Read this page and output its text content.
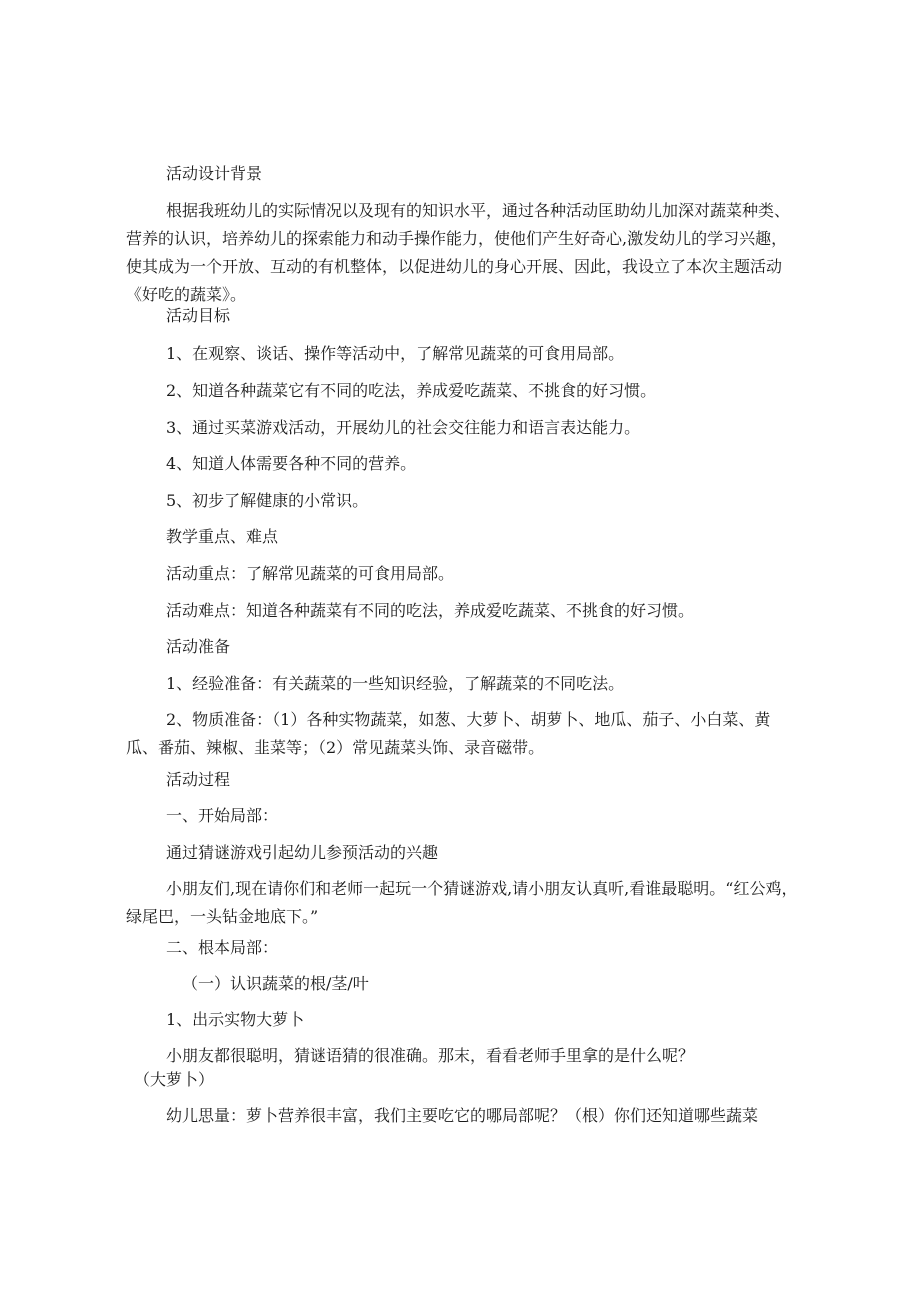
活动设计背景

根据我班幼儿的实际情况以及现有的知识水平，通过各种活动匡助幼儿加深对蔬菜种类、营养的认识，培养幼儿的探索能力和动手操作能力，使他们产生好奇心,激发幼儿的学习兴趣，使其成为一个开放、互动的有机整体，以促进幼儿的身心开展、因此，我设立了本次主题活动《好吃的蔬菜》。

活动目标

1、在观察、谈话、操作等活动中，了解常见蔬菜的可食用局部。

2、知道各种蔬菜它有不同的吃法，养成爱吃蔬菜、不挑食的好习惯。

3、通过买菜游戏活动，开展幼儿的社会交往能力和语言表达能力。

4、知道人体需要各种不同的营养。

5、初步了解健康的小常识。

教学重点、难点

活动重点：了解常见蔬菜的可食用局部。

活动难点：知道各种蔬菜有不同的吃法，养成爱吃蔬菜、不挑食的好习惯。

活动准备

1、经验准备：有关蔬菜的一些知识经验，了解蔬菜的不同吃法。

2、物质准备：（1）各种实物蔬菜，如葱、大萝卜、胡萝卜、地瓜、茄子、小白菜、黄瓜、番茄、辣椒、韭菜等；（2）常见蔬菜头饰、录音磁带。

活动过程

一、开始局部：

通过猜谜游戏引起幼儿参预活动的兴趣

小朋友们,现在请你们和老师一起玩一个猜谜游戏,请小朋友认真听,看谁最聪明。“红公鸡，绿尾巴，一头钻金地底下。”

二、根本局部：

（一）认识蔬菜的根/茎/叶

1、出示实物大萝卜

小朋友都很聪明，猜谜语猜的很准确。那末，看看老师手里拿的是什么呢？

（大萝卜）

幼儿思量：萝卜营养很丰富，我们主要吃它的哪局部呢？（根）你们还知道哪些蔬菜
